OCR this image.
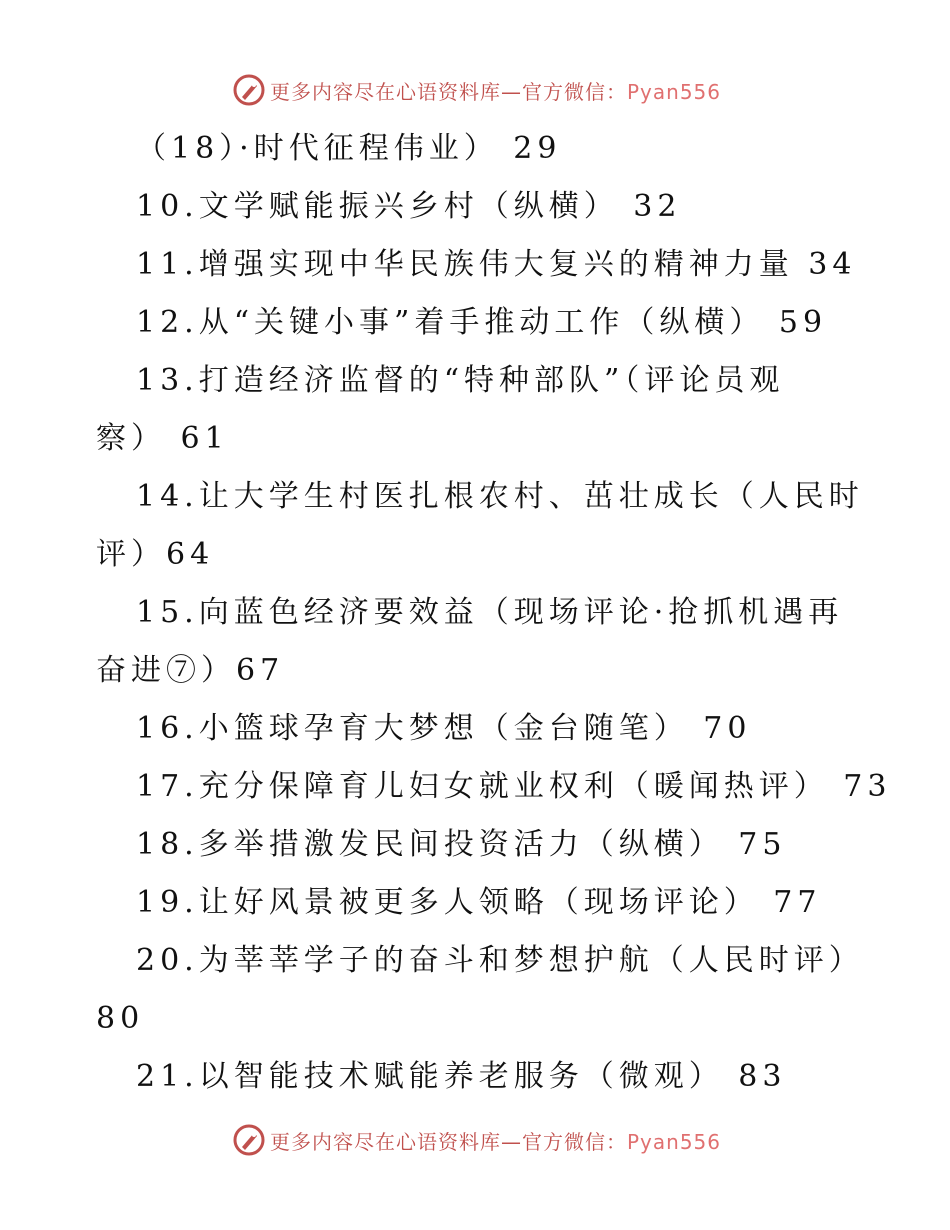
更多内容尽在心语资料库—官方微信：Pyan556
（18）·时代征程伟业） 29
10.文学赋能振兴乡村（纵横） 32
11.增强实现中华民族伟大复兴的精神力量 34
12.从“关键小事”着手推动工作（纵横） 59
13.打造经济监督的“特种部队”（评论员观
察） 61
14.让大学生村医扎根农村、茁壮成长（人民时
评）64
15.向蓝色经济要效益（现场评论·抢抓机遇再
奋进⑦）67
16.小篮球孕育大梦想（金台随笔） 70
17.充分保障育儿妇女就业权利（暖闻热评） 73
18.多举措激发民间投资活力（纵横） 75
19.让好风景被更多人领略（现场评论） 77
20.为莘莘学子的奋斗和梦想护航（人民时评）
80
21.以智能技术赋能养老服务（微观） 83
更多内容尽在心语资料库—官方微信：Pyan556
